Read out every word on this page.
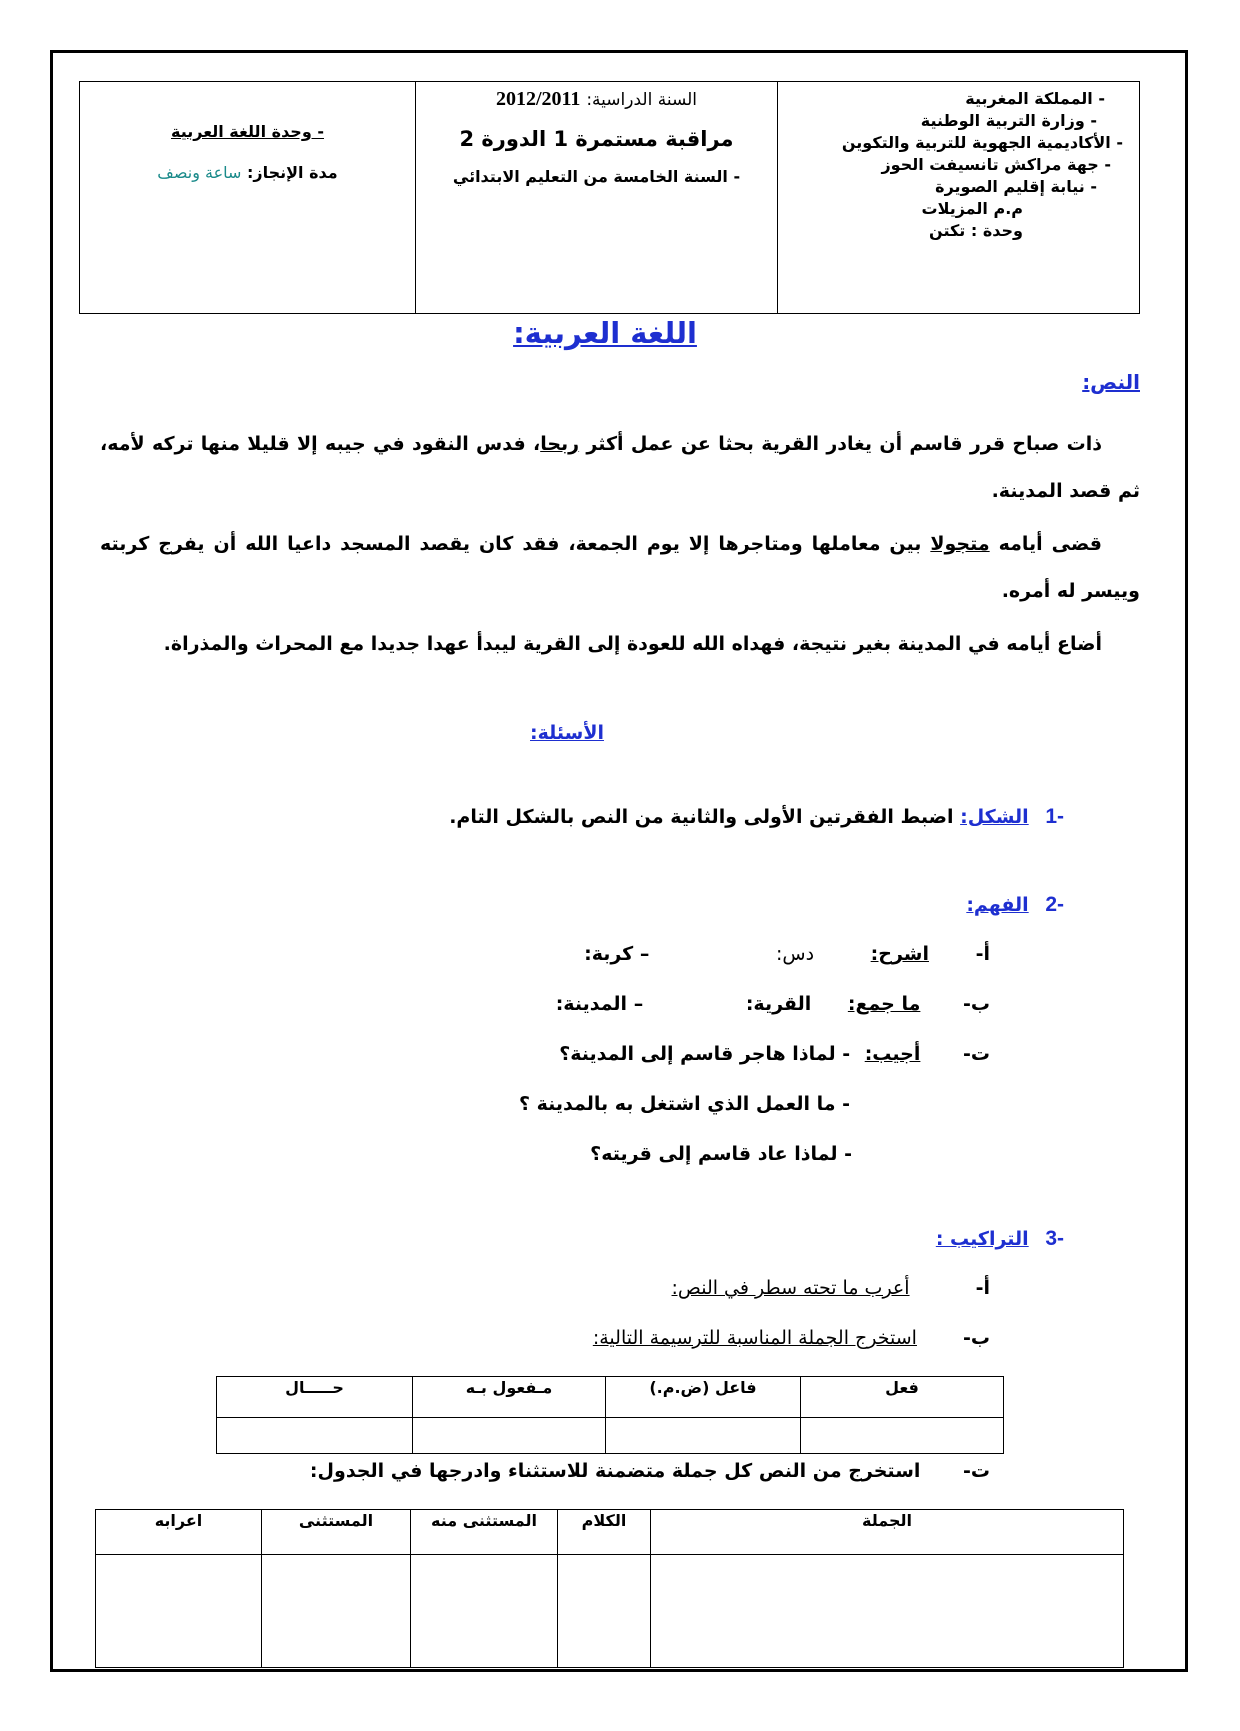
- المملكة المغربية
- وزارة التربية الوطنية
- الأكاديمية الجهوية للتربية والتكوين
- جهة مراكش تانسيفت الحوز
- نيابة إقليم الصويرة
م.م المزيلات
وحدة : تكتن
السنة الدراسية: 2012/2011
مراقبة مستمرة 1 الدورة 2
- السنة الخامسة من التعليم الابتدائي
- وحدة اللغة العربية
مدة الإنجاز: ساعة ونصف
اللغة العربية:
النص:
ذات صباح قرر قاسم أن يغادر القرية بحثا عن عمل أكثر ربحا، فدس النقود في جيبه إلا قليلا منها تركه لأمه، ثم قصد المدينة.
قضى أيامه متجولا بين معاملها ومتاجرها إلا يوم الجمعة، فقد كان يقصد المسجد داعيا الله أن يفرج كربته وييسر له أمره.
أضاع أيامه في المدينة بغير نتيجة، فهداه الله للعودة إلى القرية ليبدأ عهدا جديدا مع المحراث والمذراة.
الأسئلة:
-1 الشكل: اضبط الفقرتين الأولى والثانية من النص بالشكل التام.
-2 الفهم:
أ- اشرح: دس: – كربة:
ب- ما جمع: القرية: – المدينة:
ت- أجيب: - لماذا هاجر قاسم إلى المدينة؟
- ما العمل الذي اشتغل به بالمدينة ؟
- لماذا عاد قاسم إلى قريته؟
-3 التراكيب :
أ- أعرب ما تحته سطر في النص:
ب- استخرج الجملة المناسبة للترسيمة التالية:
فعل	فاعل (ض.م.)	مـفعول بـه	حـــــال

ت- استخرج من النص كل جملة متضمنة للاستثناء وادرجها في الجدول:
الجملة	الكلام	المستثنى منه	المستثنى	اعرابه
